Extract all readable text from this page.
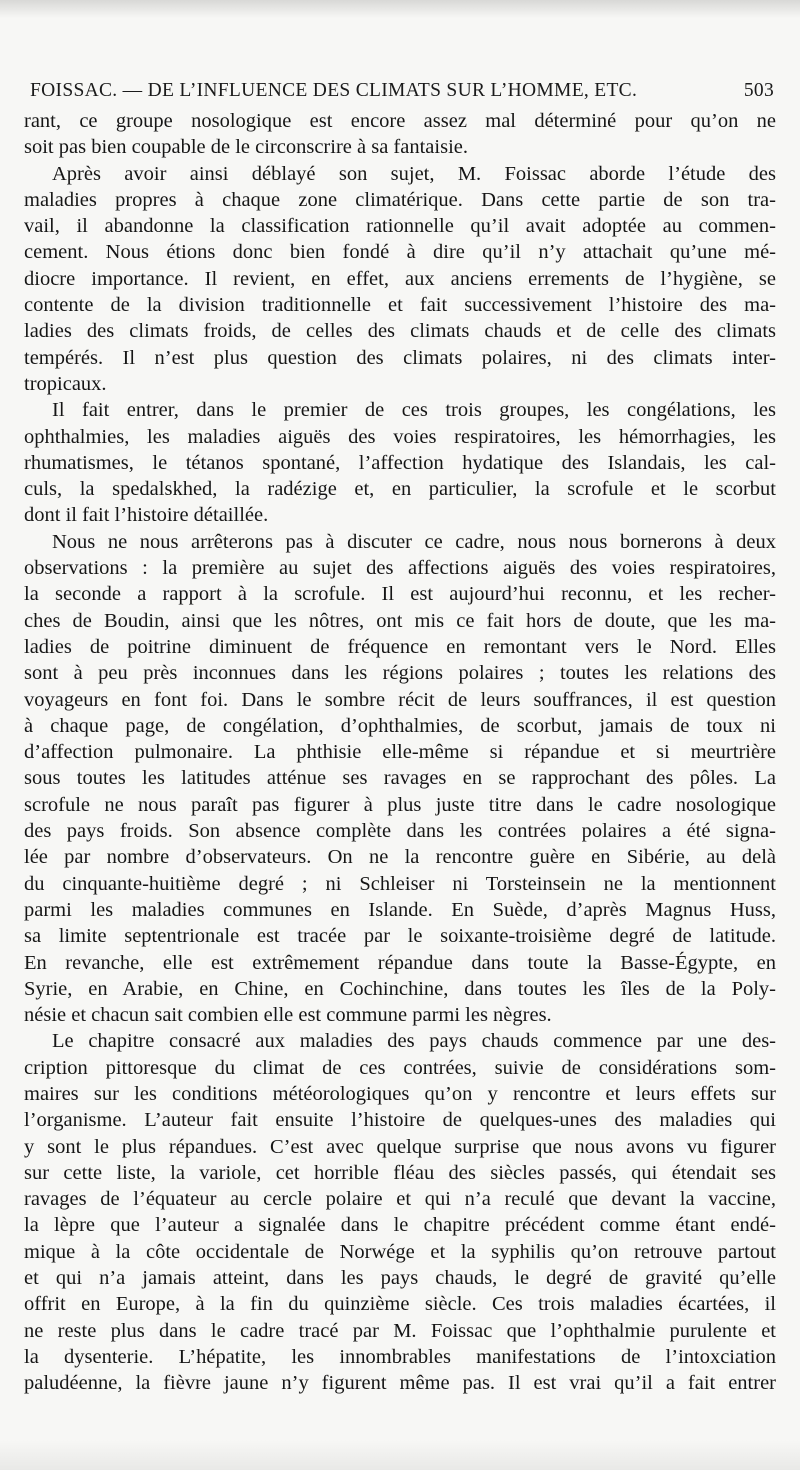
FOISSAC. — DE L’INFLUENCE DES CLIMATS SUR L’HOMME, ETC.	503
rant, ce groupe nosologique est encore assez mal déterminé pour qu’on ne
soit pas bien coupable de le circonscrire à sa fantaisie.
Après avoir ainsi déblayé son sujet, M. Foissac aborde l’étude des
maladies propres à chaque zone climatérique. Dans cette partie de son tra-
vail, il abandonne la classification rationnelle qu’il avait adoptée au commen-
cement. Nous étions donc bien fondé à dire qu’il n’y attachait qu’une mé-
diocre importance. Il revient, en effet, aux anciens errements de l’hygiène, se
contente de la division traditionnelle et fait successivement l’histoire des ma-
ladies des climats froids, de celles des climats chauds et de celle des climats
tempérés. Il n’est plus question des climats polaires, ni des climats inter-
tropicaux.
Il fait entrer, dans le premier de ces trois groupes, les congélations, les
ophthalmies, les maladies aiguës des voies respiratoires, les hémorrhagies, les
rhumatismes, le tétanos spontané, l’affection hydatique des Islandais, les cal-
culs, la spedalskhed, la radézige et, en particulier, la scrofule et le scorbut
dont il fait l’histoire détaillée.
Nous ne nous arrêterons pas à discuter ce cadre, nous nous bornerons à deux
observations : la première au sujet des affections aiguës des voies respiratoires,
la seconde a rapport à la scrofule. Il est aujourd’hui reconnu, et les recher-
ches de Boudin, ainsi que les nôtres, ont mis ce fait hors de doute, que les ma-
ladies de poitrine diminuent de fréquence en remontant vers le Nord. Elles
sont à peu près inconnues dans les régions polaires ; toutes les relations des
voyageurs en font foi. Dans le sombre récit de leurs souffrances, il est question
à chaque page, de congélation, d’ophthalmies, de scorbut, jamais de toux ni
d’affection pulmonaire. La phthisie elle-même si répandue et si meurtrière
sous toutes les latitudes atténue ses ravages en se rapprochant des pôles. La
scrofule ne nous paraît pas figurer à plus juste titre dans le cadre nosologique
des pays froids. Son absence complète dans les contrées polaires a été signa-
lée par nombre d’observateurs. On ne la rencontre guère en Sibérie, au delà
du cinquante-huitième degré ; ni Schleiser ni Torsteinsein ne la mentionnent
parmi les maladies communes en Islande. En Suède, d’après Magnus Huss,
sa limite septentrionale est tracée par le soixante-troisième degré de latitude.
En revanche, elle est extrêmement répandue dans toute la Basse-Égypte, en
Syrie, en Arabie, en Chine, en Cochinchine, dans toutes les îles de la Poly-
nésie et chacun sait combien elle est commune parmi les nègres.
Le chapitre consacré aux maladies des pays chauds commence par une des-
cription pittoresque du climat de ces contrées, suivie de considérations som-
maires sur les conditions météorologiques qu’on y rencontre et leurs effets sur
l’organisme. L’auteur fait ensuite l’histoire de quelques-unes des maladies qui
y sont le plus répandues. C’est avec quelque surprise que nous avons vu figurer
sur cette liste, la variole, cet horrible fléau des siècles passés, qui étendait ses
ravages de l’équateur au cercle polaire et qui n’a reculé que devant la vaccine,
la lèpre que l’auteur a signalée dans le chapitre précédent comme étant endé-
mique à la côte occidentale de Norwége et la syphilis qu’on retrouve partout
et qui n’a jamais atteint, dans les pays chauds, le degré de gravité qu’elle
offrit en Europe, à la fin du quinzième siècle. Ces trois maladies écartées, il
ne reste plus dans le cadre tracé par M. Foissac que l’ophthalmie purulente et
la dysenterie. L’hépatite, les innombrables manifestations de l’intoxciation
paludéenne, la fièvre jaune n’y figurent même pas. Il est vrai qu’il a fait entrer
